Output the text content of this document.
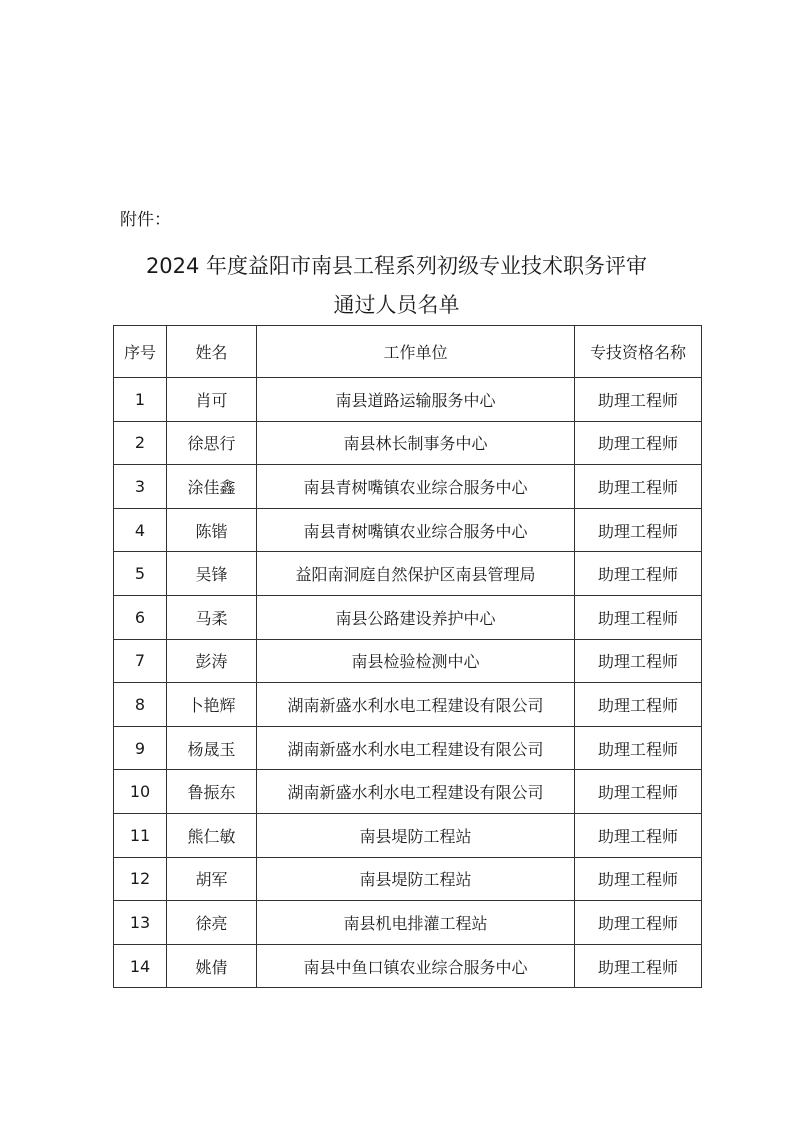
附件：
2024 年度益阳市南县工程系列初级专业技术职务评审
通过人员名单
序号	姓名	工作单位	专技资格名称
1	肖可	南县道路运输服务中心	助理工程师
2	徐思行	南县林长制事务中心	助理工程师
3	涂佳鑫	南县青树嘴镇农业综合服务中心	助理工程师
4	陈锴	南县青树嘴镇农业综合服务中心	助理工程师
5	吴锋	益阳南洞庭自然保护区南县管理局	助理工程师
6	马柔	南县公路建设养护中心	助理工程师
7	彭涛	南县检验检测中心	助理工程师
8	卜艳辉	湖南新盛水利水电工程建设有限公司	助理工程师
9	杨晟玉	湖南新盛水利水电工程建设有限公司	助理工程师
10	鲁振东	湖南新盛水利水电工程建设有限公司	助理工程师
11	熊仁敏	南县堤防工程站	助理工程师
12	胡军	南县堤防工程站	助理工程师
13	徐亮	南县机电排灌工程站	助理工程师
14	姚倩	南县中鱼口镇农业综合服务中心	助理工程师
